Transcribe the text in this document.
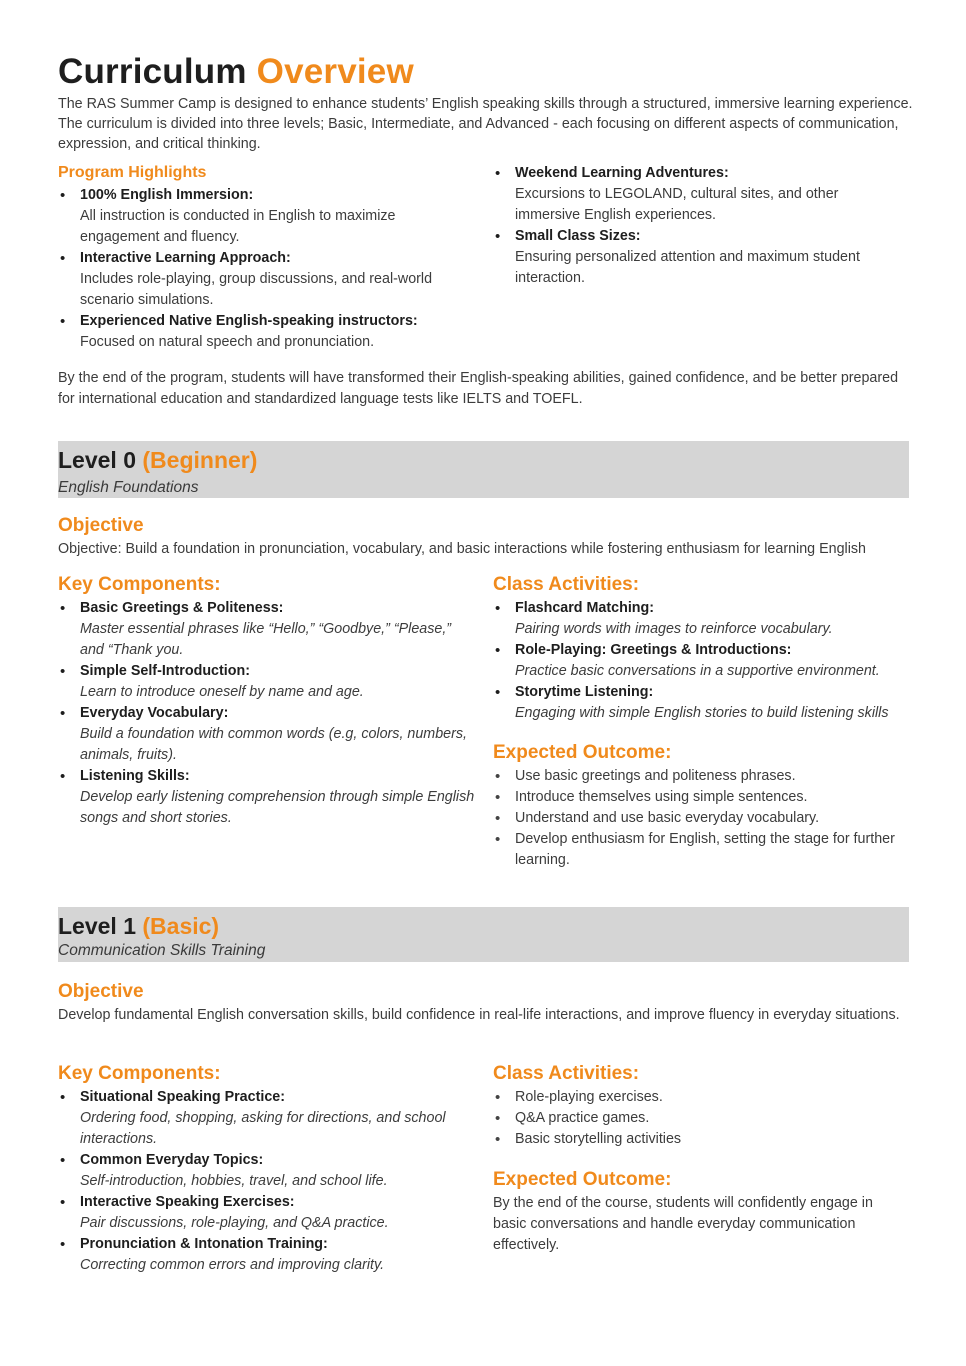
Curriculum Overview
The RAS Summer Camp is designed to enhance students’ English speaking skills through a structured, immersive learning experience. The curriculum is divided into three levels; Basic, Intermediate, and Advanced - each focusing on different aspects of communication, expression, and critical thinking.
Program Highlights
• 100% English Immersion:
All instruction is conducted in English to maximize engagement and fluency.
• Interactive Learning Approach:
Includes role-playing, group discussions, and real-world scenario simulations.
• Experienced Native English-speaking instructors:
Focused on natural speech and pronunciation.
• Weekend Learning Adventures:
Excursions to LEGOLAND, cultural sites, and other immersive English experiences.
• Small Class Sizes:
Ensuring personalized attention and maximum student interaction.
By the end of the program, students will have transformed their English-speaking abilities, gained confidence, and be better prepared for international education and standardized language tests like IELTS and TOEFL.
Level 0 (Beginner)
English Foundations
Objective
Objective: Build a foundation in pronunciation, vocabulary, and basic interactions while fostering enthusiasm for learning English
Key Components:
• Basic Greetings & Politeness:
Master essential phrases like “Hello,” “Goodbye,” “Please,” and “Thank you.
• Simple Self-Introduction:
Learn to introduce oneself by name and age.
• Everyday Vocabulary:
Build a foundation with common words (e.g, colors, numbers, animals, fruits).
• Listening Skills:
Develop early listening comprehension through simple English songs and short stories.
Class Activities:
• Flashcard Matching:
Pairing words with images to reinforce vocabulary.
• Role-Playing: Greetings & Introductions:
Practice basic conversations in a supportive environment.
• Storytime Listening:
Engaging with simple English stories to build listening skills
Expected Outcome:
• Use basic greetings and politeness phrases.
• Introduce themselves using simple sentences.
• Understand and use basic everyday vocabulary.
• Develop enthusiasm for English, setting the stage for further learning.
Level 1 (Basic)
Communication Skills Training
Objective
Develop fundamental English conversation skills, build confidence in real-life interactions, and improve fluency in everyday situations.
Key Components:
• Situational Speaking Practice:
Ordering food, shopping, asking for directions, and school interactions.
• Common Everyday Topics:
Self-introduction, hobbies, travel, and school life.
• Interactive Speaking Exercises:
Pair discussions, role-playing, and Q&A practice.
• Pronunciation & Intonation Training:
Correcting common errors and improving clarity.
Class Activities:
• Role-playing exercises.
• Q&A practice games.
• Basic storytelling activities
Expected Outcome:
By the end of the course, students will confidently engage in basic conversations and handle everyday communication effectively.
